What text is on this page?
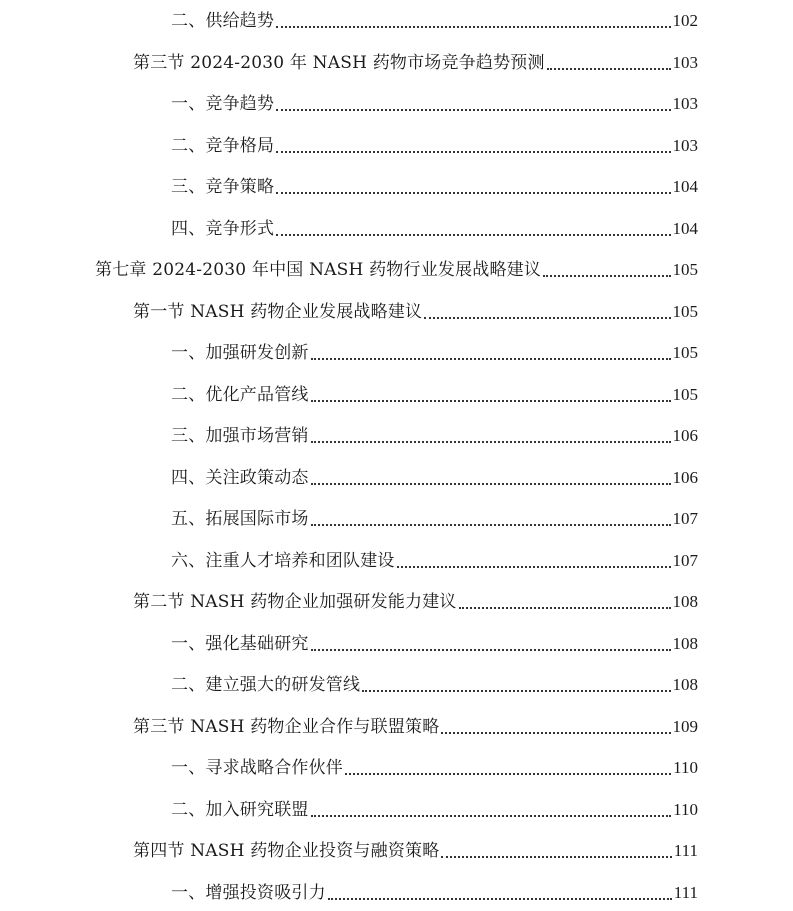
二、供给趋势	102
第三节 2024-2030 年 NASH 药物市场竞争趋势预测	103
一、竞争趋势	103
二、竞争格局	103
三、竞争策略	104
四、竞争形式	104
第七章 2024-2030 年中国 NASH 药物行业发展战略建议	105
第一节 NASH 药物企业发展战略建议	105
一、加强研发创新	105
二、优化产品管线	105
三、加强市场营销	106
四、关注政策动态	106
五、拓展国际市场	107
六、注重人才培养和团队建设	107
第二节 NASH 药物企业加强研发能力建议	108
一、强化基础研究	108
二、建立强大的研发管线	108
第三节 NASH 药物企业合作与联盟策略	109
一、寻求战略合作伙伴	110
二、加入研究联盟	110
第四节 NASH 药物企业投资与融资策略	111
一、增强投资吸引力	111
